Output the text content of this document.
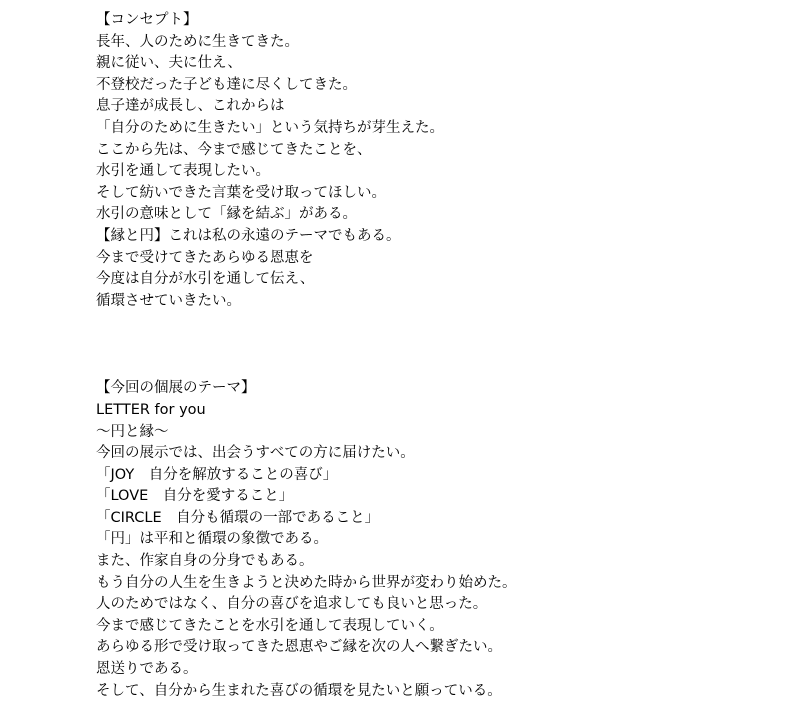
【コンセプト】
長年、人のために生きてきた。
親に従い、夫に仕え、
不登校だった子ども達に尽くしてきた。
息子達が成長し、これからは
「自分のために生きたい」という気持ちが芽生えた。
ここから先は、今まで感じてきたことを、
水引を通して表現したい。
そして紡いできた言葉を受け取ってほしい。
水引の意味として「縁を結ぶ」がある。
【縁と円】これは私の永遠のテーマでもある。
今まで受けてきたあらゆる恩恵を
今度は自分が水引を通して伝え、
循環させていきたい。
【今回の個展のテーマ】
LETTER for you
～円と縁～
今回の展示では、出会うすべての方に届けたい。
「JOY　自分を解放することの喜び」
「LOVE　自分を愛すること」
「CIRCLE　自分も循環の一部であること」
「円」は平和と循環の象徴である。
また、作家自身の分身でもある。
もう自分の人生を生きようと決めた時から世界が変わり始めた。
人のためではなく、自分の喜びを追求しても良いと思った。
今まで感じてきたことを水引を通して表現していく。
あらゆる形で受け取ってきた恩恵やご縁を次の人へ繋ぎたい。
恩送りである。
そして、自分から生まれた喜びの循環を見たいと願っている。
